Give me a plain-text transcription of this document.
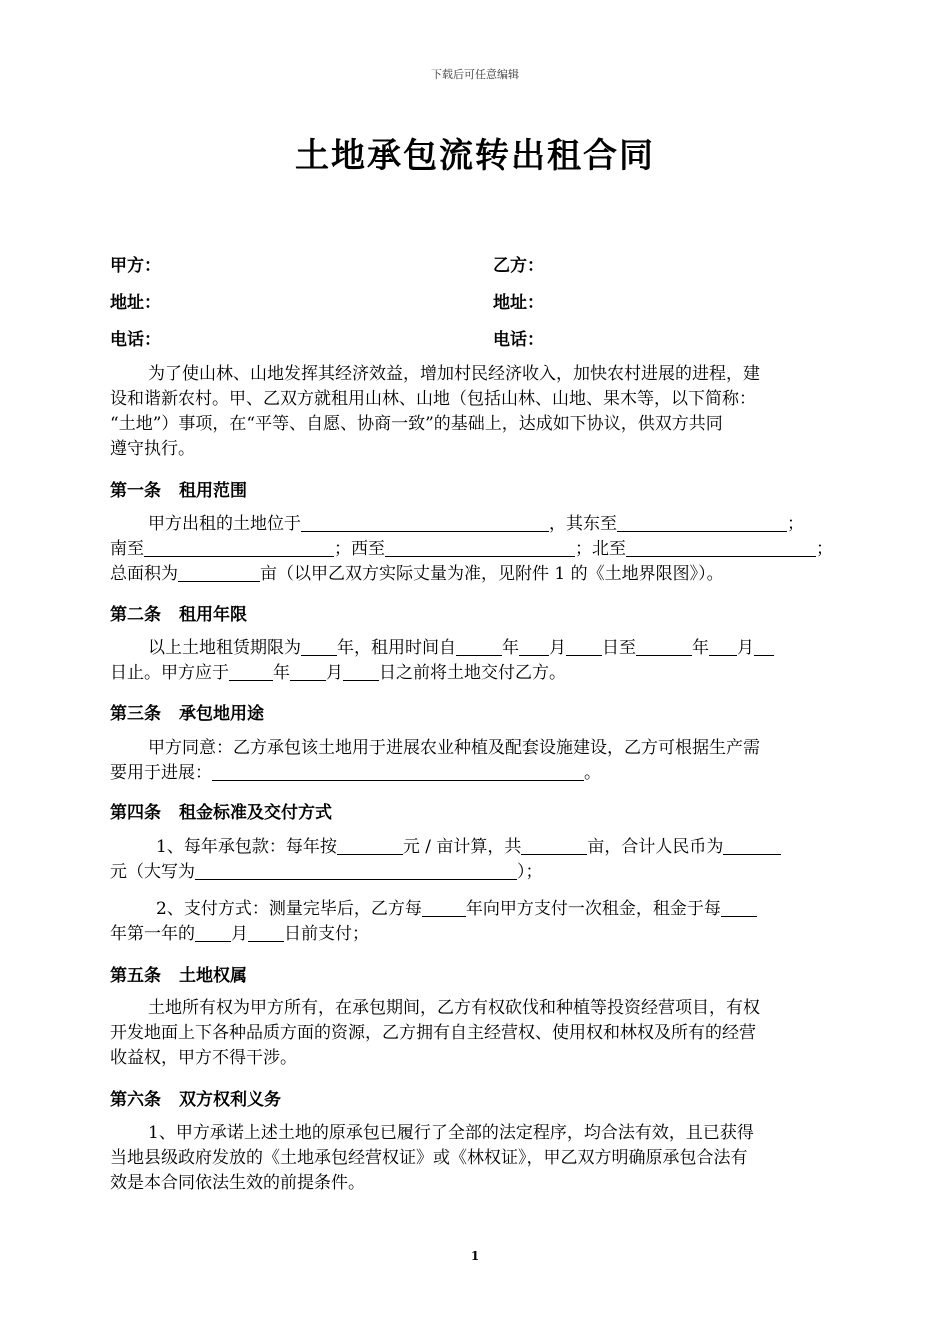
下载后可任意编辑
土地承包流转出租合同
甲方：	乙方：
地址：	地址：
电话：	电话：
为了使山林、山地发挥其经济效益，增加村民经济收入，加快农村进展的进程，建
设和谐新农村。甲、乙双方就租用山林、山地（包括山林、山地、果木等，以下简称：
“土地”）事项，在“平等、自愿、协商一致”的基础上，达成如下协议，供双方共同
遵守执行。
第一条 租用范围
甲方出租的土地位于	，其东至	；
南至	；西至	；北至	；
总面积为	亩（以甲乙双方实际丈量为准，见附件 1 的《土地界限图》）。
第二条 租用年限
以上土地租赁期限为 年，租用时间自	年 月 日至	年 月
日止。甲方应于	年 月 日之前将土地交付乙方。
第三条 承包地用途
甲方同意：乙方承包该土地用于进展农业种植及配套设施建设，乙方可根据生产需
要用于进展：	。
第四条 租金标准及交付方式
1、每年承包款：每年按	元 / 亩计算，共	亩，合计人民币为
元（大写为	）；
2、支付方式：测量完毕后，乙方每	年向甲方支付一次租金，租金于每
年第一年的 月 日前支付；
第五条 土地权属
土地所有权为甲方所有，在承包期间，乙方有权砍伐和种植等投资经营项目，有权
开发地面上下各种品质方面的资源，乙方拥有自主经营权、使用权和林权及所有的经营
收益权，甲方不得干涉。
第六条 双方权利义务
1、甲方承诺上述土地的原承包已履行了全部的法定程序，均合法有效，且已获得
当地县级政府发放的《土地承包经营权证》或《林权证》，甲乙双方明确原承包合法有
效是本合同依法生效的前提条件。
1
